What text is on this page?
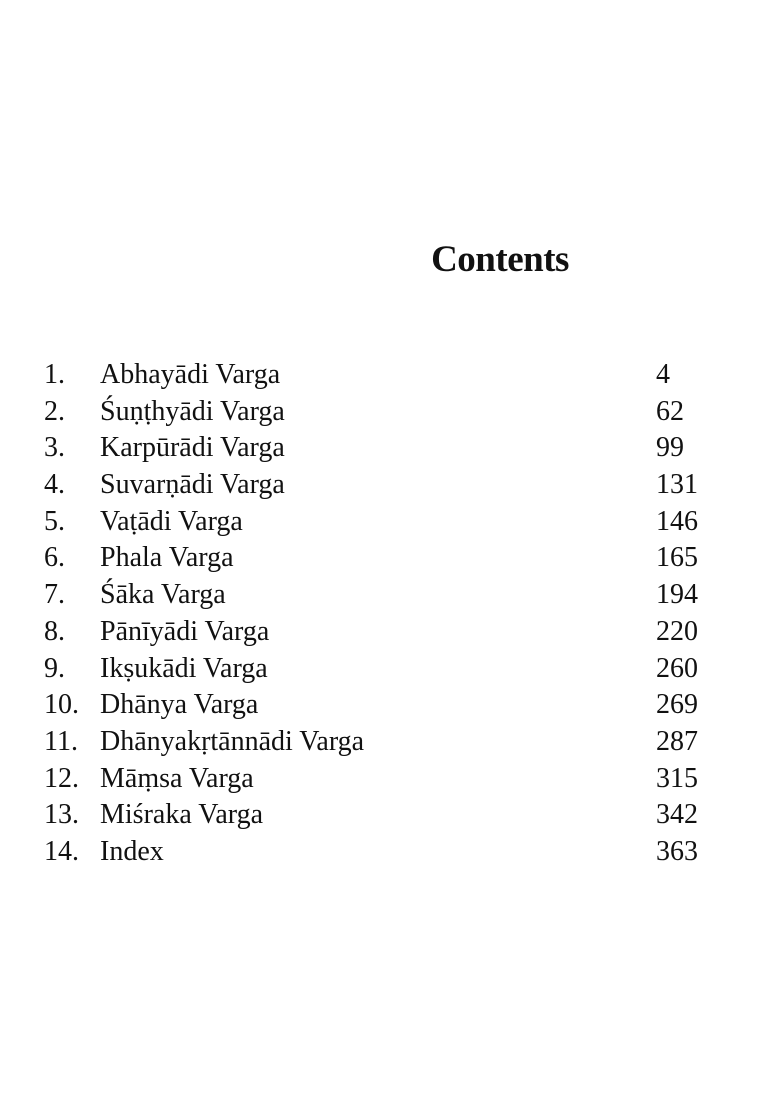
Contents
1. Abhayādi Varga	4
2. Śuṇṭhyādi Varga	62
3. Karpūrādi Varga	99
4. Suvarṇādi Varga	131
5. Vaṭādi Varga	146
6. Phala Varga	165
7. Śāka Varga	194
8. Pānīyādi Varga	220
9. Ikṣukādi Varga	260
10. Dhānya Varga	269
11. Dhānyakṛtānnādi Varga	287
12. Māṃsa Varga	315
13. Miśraka Varga	342
14. Index	363
